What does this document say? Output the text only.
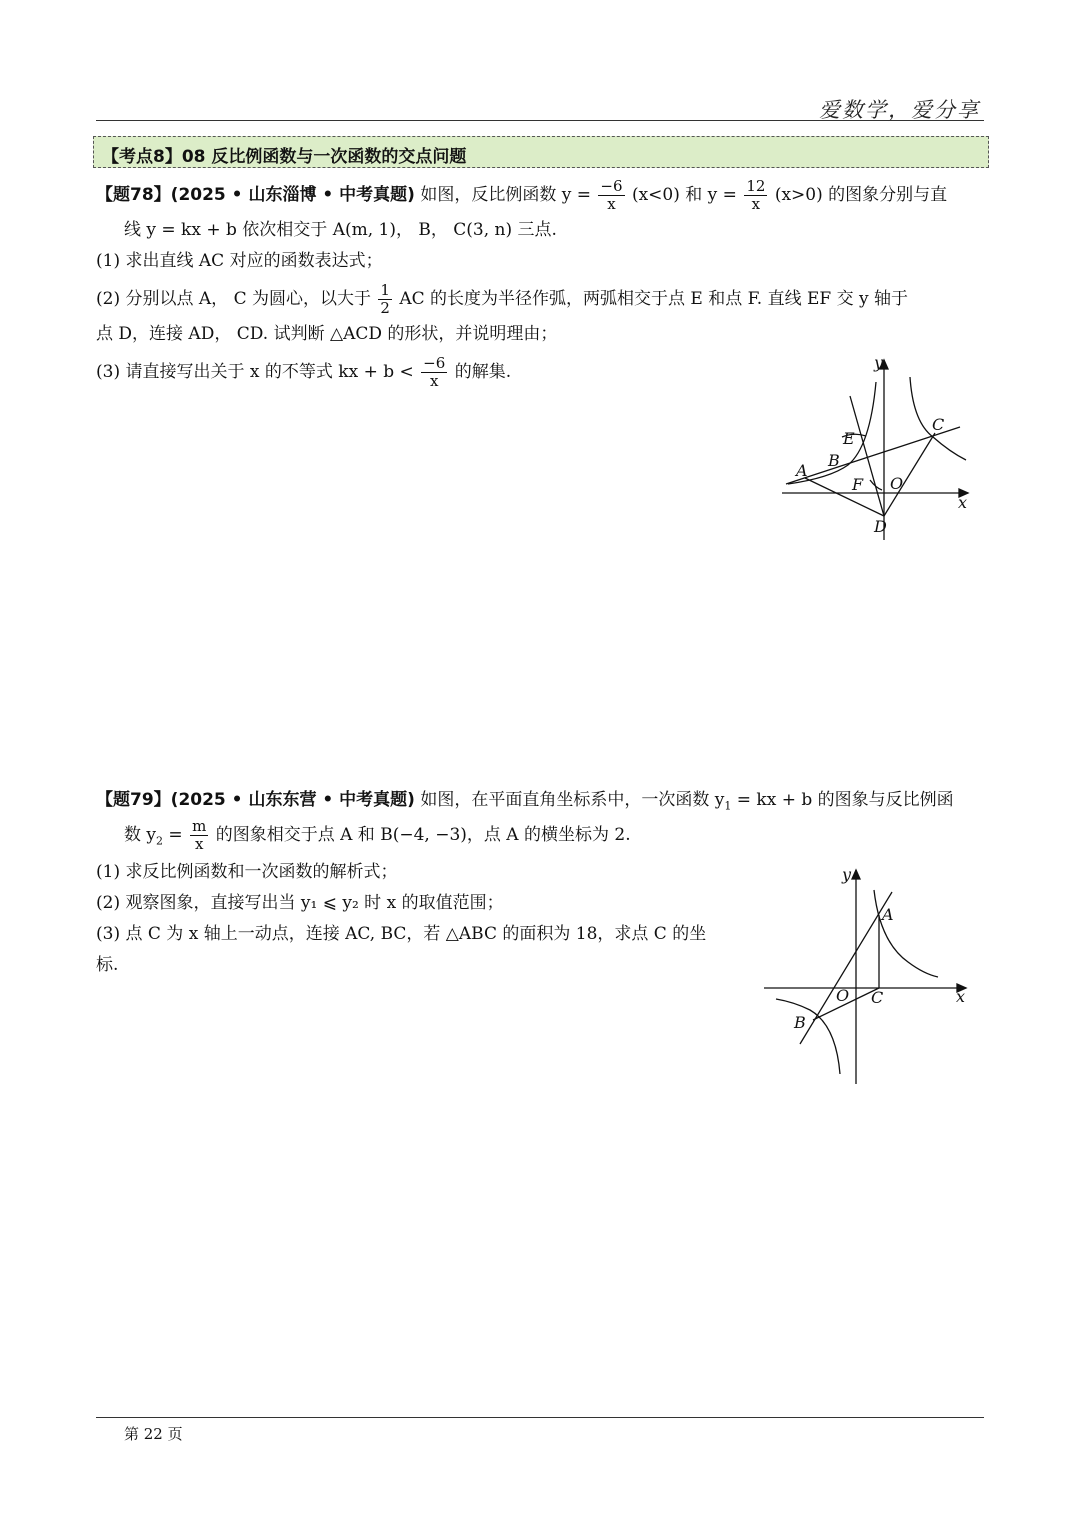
爱数学，爱分享
【考点8】08 反比例函数与一次函数的交点问题
【题78】(2025 • 山东淄博 • 中考真题) 如图，反比例函数 $y = \frac{-6}{x} (x<0)$ 和 $y = \frac{12}{x} (x>0)$ 的图象分别与直
线 y = kx + b 依次相交于 A(m, 1)， B， C(3, n) 三点.
(1) 求出直线 AC 对应的函数表达式；
(2) 分别以点 A， C 为圆心，以大于 $\frac{1}{2}$ AC 的长度为半径作弧，两弧相交于点 E 和点 F. 直线 EF 交 y 轴于
点 D，连接 AD， CD. 试判断 △ACD 的形状，并说明理由；
(3) 请直接写出关于 x 的不等式 kx + $b < \frac{-6}{x}$ 的解集.	y
x
E
C
A
B
F O
D
【题79】(2025 • 山东东营 • 中考真题) 如图，在平面直角坐标系中，一次函数 $y_1$ = kx + b 的图象与反比例函
数 $y_2 = \frac{m}{x}$ 的图象相交于点 A 和 B(−4, −3)，点 A 的横坐标为 2.
(1) 求反比例函数和一次函数的解析式；
(2) 观察图象，直接写出当 y₁ ⩽ y₂ 时 x 的取值范围；
(3) 点 C 为 x 轴上一动点，连接 AC, BC，若 △ABC 的面积为 18，求点 C 的坐
标.
y
x
A
O C
B
第 22 页
